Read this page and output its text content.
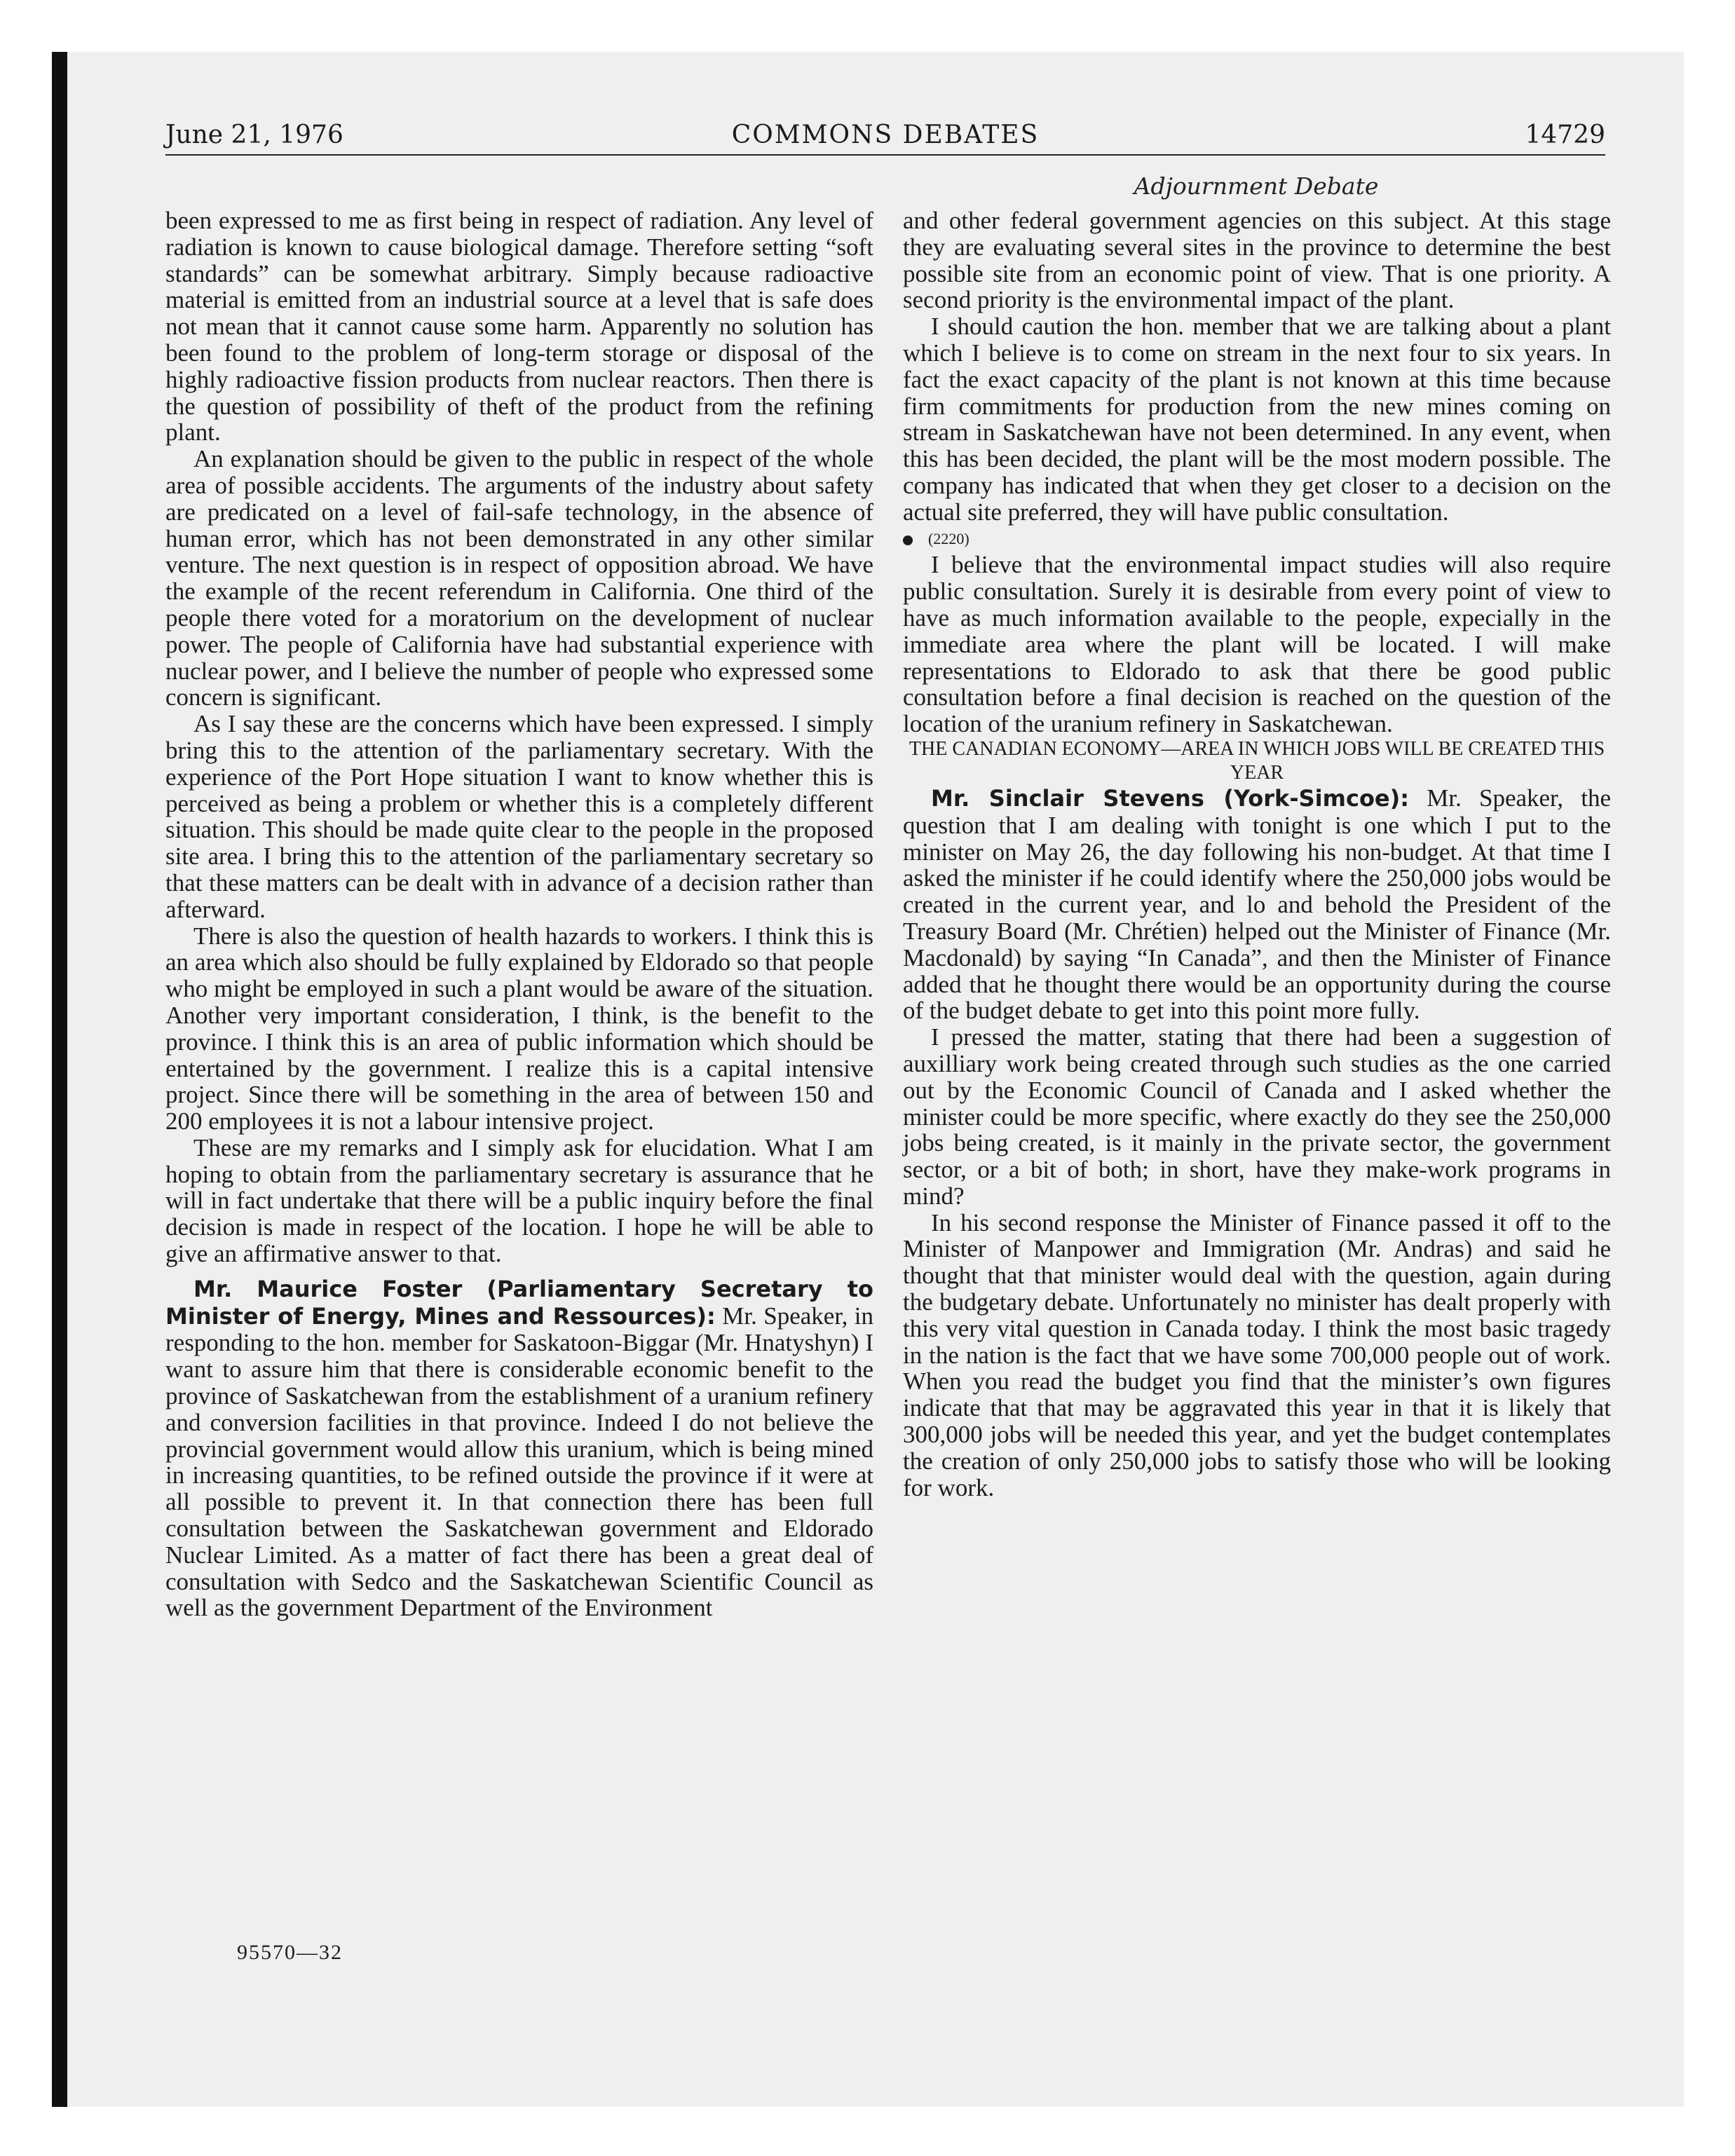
June 21, 1976	COMMONS DEBATES	14729
Adjournment Debate

been expressed to me as first being in respect of radiation. Any level of radiation is known to cause biological damage. Therefore setting “soft standards” can be somewhat arbitrary. Simply because radioactive material is emitted from an industrial source at a level that is safe does not mean that it cannot cause some harm. Apparently no solution has been found to the problem of long-term storage or disposal of the highly radioactive fission products from nuclear reactors. Then there is the question of possibility of theft of the product from the refining plant.

An explanation should be given to the public in respect of the whole area of possible accidents. The arguments of the industry about safety are predicated on a level of fail-safe technology, in the absence of human error, which has not been demonstrated in any other similar venture. The next question is in respect of opposition abroad. We have the example of the recent referendum in California. One third of the people there voted for a moratorium on the development of nuclear power. The people of California have had substantial experience with nuclear power, and I believe the number of people who expressed some concern is significant.

As I say these are the concerns which have been expressed. I simply bring this to the attention of the parliamentary secretary. With the experience of the Port Hope situation I want to know whether this is perceived as being a problem or whether this is a completely different situation. This should be made quite clear to the people in the proposed site area. I bring this to the attention of the parliamentary secretary so that these matters can be dealt with in advance of a decision rather than afterward.

There is also the question of health hazards to workers. I think this is an area which also should be fully explained by Eldorado so that people who might be employed in such a plant would be aware of the situation. Another very important consideration, I think, is the benefit to the province. I think this is an area of public information which should be entertained by the government. I realize this is a capital intensive project. Since there will be something in the area of between 150 and 200 employees it is not a labour intensive project.

These are my remarks and I simply ask for elucidation. What I am hoping to obtain from the parliamentary secretary is assurance that he will in fact undertake that there will be a public inquiry before the final decision is made in respect of the location. I hope he will be able to give an affirmative answer to that.

Mr. Maurice Foster (Parliamentary Secretary to Minister of Energy, Mines and Ressources): Mr. Speaker, in responding to the hon. member for Saskatoon-Biggar (Mr. Hnatyshyn) I want to assure him that there is considerable economic benefit to the province of Saskatchewan from the establishment of a uranium refinery and conversion facilities in that province. Indeed I do not believe the provincial government would allow this uranium, which is being mined in increasing quantities, to be refined outside the province if it were at all possible to prevent it. In that connection there has been full consultation between the Saskatchewan government and Eldorado Nuclear Limited. As a matter of fact there has been a great deal of consultation with Sedco and the Saskatchewan Scientific Council as well as the government Department of the Environment

and other federal government agencies on this subject. At this stage they are evaluating several sites in the province to determine the best possible site from an economic point of view. That is one priority. A second priority is the environmental impact of the plant.

I should caution the hon. member that we are talking about a plant which I believe is to come on stream in the next four to six years. In fact the exact capacity of the plant is not known at this time because firm commitments for production from the new mines coming on stream in Saskatchewan have not been determined. In any event, when this has been decided, the plant will be the most modern possible. The company has indicated that when they get closer to a decision on the actual site preferred, they will have public consultation.

(2220)

I believe that the environmental impact studies will also require public consultation. Surely it is desirable from every point of view to have as much information available to the people, expecially in the immediate area where the plant will be located. I will make representations to Eldorado to ask that there be good public consultation before a final decision is reached on the question of the location of the uranium refinery in Saskatchewan.

THE CANADIAN ECONOMY—AREA IN WHICH JOBS WILL BE CREATED THIS YEAR

Mr. Sinclair Stevens (York-Simcoe): Mr. Speaker, the question that I am dealing with tonight is one which I put to the minister on May 26, the day following his non-budget. At that time I asked the minister if he could identify where the 250,000 jobs would be created in the current year, and lo and behold the President of the Treasury Board (Mr. Chrétien) helped out the Minister of Finance (Mr. Macdonald) by saying “In Canada”, and then the Minister of Finance added that he thought there would be an opportunity during the course of the budget debate to get into this point more fully.

I pressed the matter, stating that there had been a suggestion of auxilliary work being created through such studies as the one carried out by the Economic Council of Canada and I asked whether the minister could be more specific, where exactly do they see the 250,000 jobs being created, is it mainly in the private sector, the government sector, or a bit of both; in short, have they make-work programs in mind?

In his second response the Minister of Finance passed it off to the Minister of Manpower and Immigration (Mr. Andras) and said he thought that that minister would deal with the question, again during the budgetary debate. Unfortunately no minister has dealt properly with this very vital question in Canada today. I think the most basic tragedy in the nation is the fact that we have some 700,000 people out of work. When you read the budget you find that the minister’s own figures indicate that that may be aggravated this year in that it is likely that 300,000 jobs will be needed this year, and yet the budget contemplates the creation of only 250,000 jobs to satisfy those who will be looking for work.

95570—32
